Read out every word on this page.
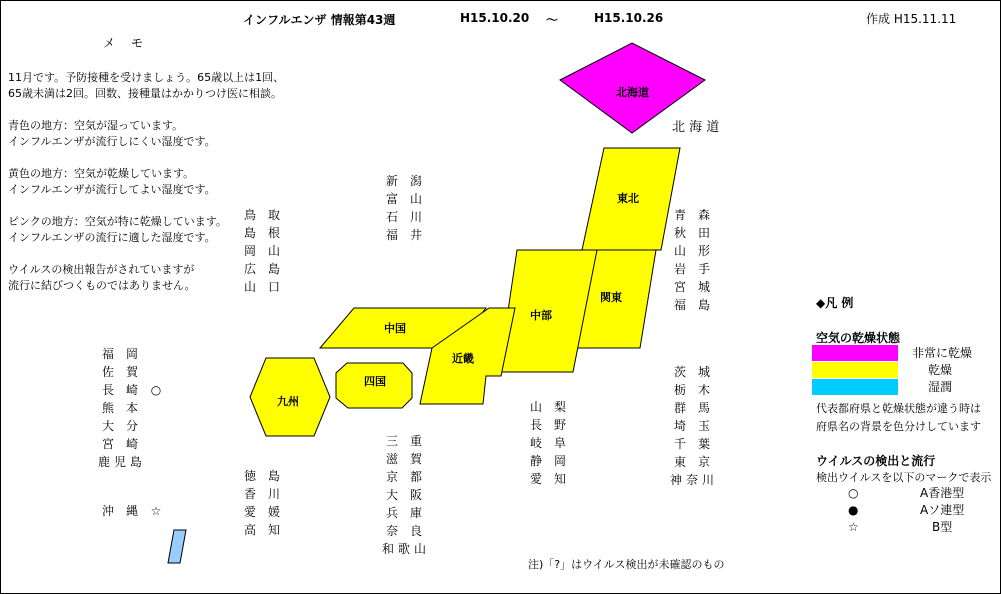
インフルエンザ 情報第43週	H15.10.20 〜	H15.10.26	作成 H15.11.11
メ　モ

11月です。予防接種を受けましょう。65歳以上は1回、

65歳未満は2回。回数、接種量はかかりつけ医に相談。

青色の地方：空気が湿っています。

インフルエンザが流行しにくい湿度です。

黄色の地方：空気が乾燥しています。

インフルエンザが流行してよい湿度です。

ピンクの地方：空気が特に乾燥しています。

インフルエンザの流行に適した湿度です。

ウイルスの検出報告がされていますが

流行に結びつくものではありません。

北海道
東北
関東
中部
中国
近畿
四国
九州
北 海 道
新 潟
富 山
石 川
福 井
青 森
秋 田
山 形
岩 手
宮 城
福 島
鳥 取
島 根
岡 山
広 島
山 口
福 岡
佐 賀
長 崎 ○
熊 本
大 分
宮 崎
鹿 児 島
茨 城
栃 木
群 馬
埼 玉
千 葉
東 京
神 奈 川
山 梨
長 野
岐 阜
静 岡
愛 知
三 重
滋 賀
京 都
大 阪
兵 庫
奈 良
和 歌 山
徳 島
香 川
愛 媛
高 知
沖 縄 ☆
◆凡 例
空気の乾燥状態
非常に乾燥
乾燥
湿潤
代表都府県と乾燥状態が違う時は
府県名の背景を色分けしています
ウイルスの検出と流行
検出ウイルスを以下のマークで表示
○	A香港型
●	Aソ連型
☆	B型
注)「?」はウイルス検出が未確認のもの
